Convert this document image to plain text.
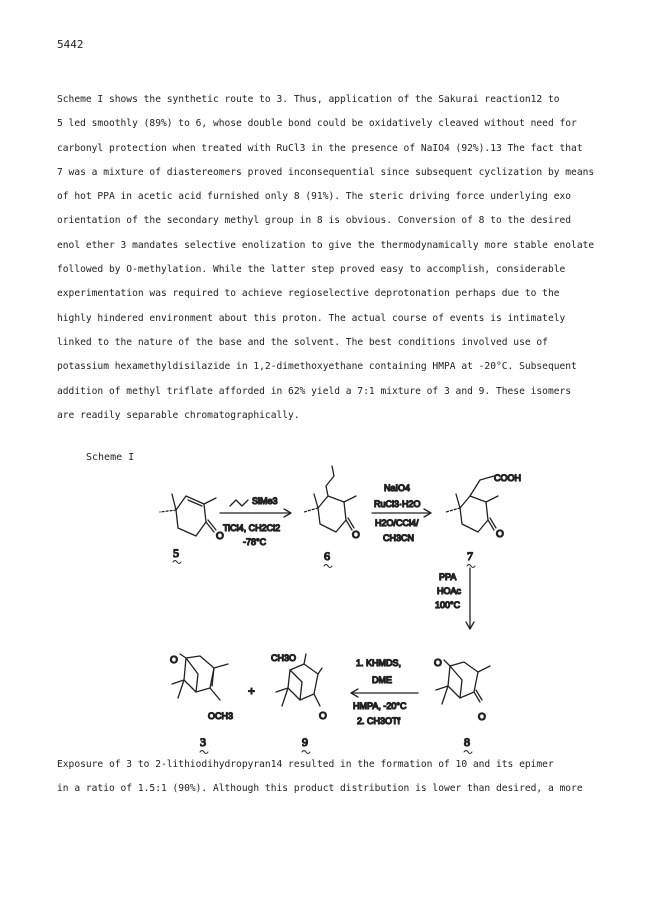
5442
Scheme I shows the synthetic route to 3. Thus, application of the Sakurai reaction12 to
5 led smoothly (89%) to 6, whose double bond could be oxidatively cleaved without need for
carbonyl protection when treated with RuCl3 in the presence of NaIO4 (92%).13 The fact that
7 was a mixture of diastereomers proved inconsequential since subsequent cyclization by means
of hot PPA in acetic acid furnished only 8 (91%). The steric driving force underlying exo
orientation of the secondary methyl group in 8 is obvious. Conversion of 8 to the desired
enol ether 3 mandates selective enolization to give the thermodynamically more stable enolate
followed by O-methylation. While the latter step proved easy to accomplish, considerable
experimentation was required to achieve regioselective deprotonation perhaps due to the
highly hindered environment about this proton. The actual course of events is intimately
linked to the nature of the base and the solvent. The best conditions involved use of
potassium hexamethyldisilazide in 1,2-dimethoxyethane containing HMPA at -20°C. Subsequent
addition of methyl triflate afforded in 62% yield a 7:1 mixture of 3 and 9. These isomers
are readily separable chromatographically.
Scheme I
O
5
SiMe3
TiCl4, CH2Cl2
-78°C
O
6
NaIO4
RuCl3·H2O
H2O/CCl4/
CH3CN
COOH
O
7
PPA
HOAc
100°C
O
OCH3
3
+
CH3O
O
9
1. KHMDS,
DME
HMPA, -20°C
2. CH3OTf
O
O
8
Exposure of 3 to 2-lithiodihydropyran14 resulted in the formation of 10 and its epimer
in a ratio of 1.5:1 (90%). Although this product distribution is lower than desired, a more
